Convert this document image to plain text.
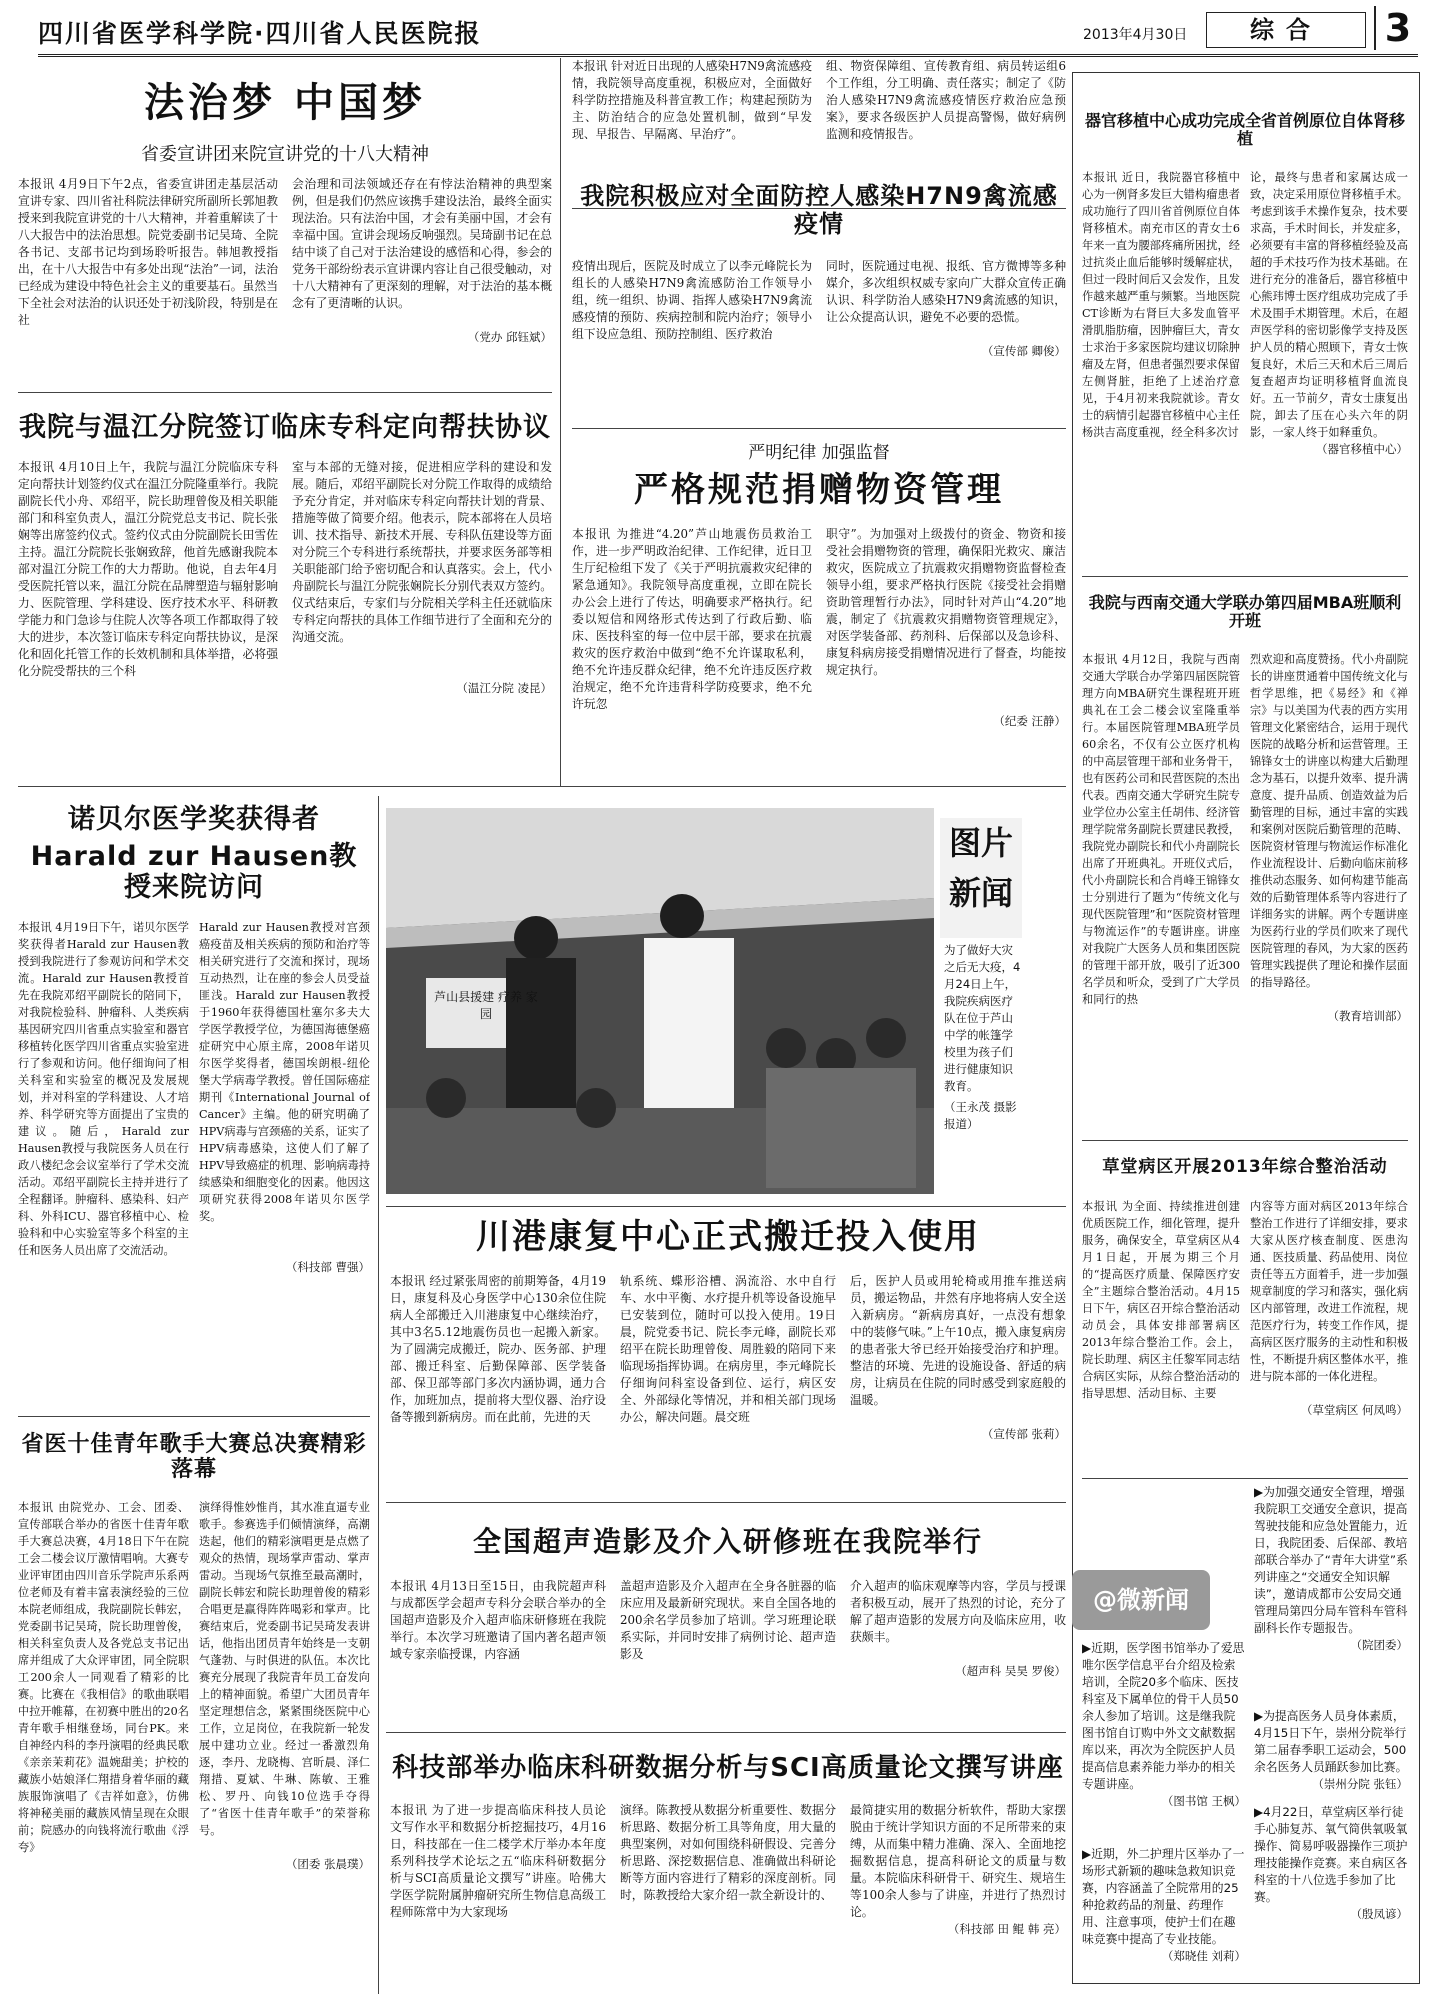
四川省医学科学院·四川省人民医院报	2013年4月30日	综合	3
法治梦 中国梦
省委宣讲团来院宣讲党的十八大精神
本报讯 4月9日下午2点，省委宣讲团走基层活动宣讲专家、四川省社科院法律研究所副所长郭旭教授来到我院宣讲党的十八大精神，并着重解读了十八大报告中的法治思想。院党委副书记吴琦、全院各书记、支部书记均到场聆听报告。韩旭教授指出，在十八大报告中有多处出现“法治”一词，法治已经成为建设中特色社会主义的重要基石。虽然当下全社会对法治的认识还处于初浅阶段，特别是在社
会治理和司法领域还存在有悖法治精神的典型案例，但是我们仍然应该携手建设法治，最终全面实现法治。只有法治中国，才会有美丽中国，才会有幸福中国。宣讲会现场反响强烈。吴琦副书记在总结中谈了自己对于法治建设的感悟和心得，参会的党务干部纷纷表示宣讲课内容让自己很受触动，对十八大精神有了更深刻的理解，对于法治的基本概念有了更清晰的认识。
（党办 邱钰斌）
我院与温江分院签订临床专科定向帮扶协议
本报讯 4月10日上午，我院与温江分院临床专科定向帮扶计划签约仪式在温江分院隆重举行。我院副院长代小舟、邓绍平，院长助理曾俊及相关职能部门和科室负责人，温江分院党总支书记、院长张娴等出席签约仪式。签约仪式由分院副院长田雪佐主持。温江分院院长张娴致辞，他首先感谢我院本部对温江分院工作的大力帮助。他说，自去年4月受医院托管以来，温江分院在品牌塑造与辐射影响力、医院管理、学科建设、医疗技术水平、科研教学能力和门急诊与住院人次等各项工作都取得了较大的进步，本次签订临床专科定向帮扶协议，是深化和固化托管工作的长效机制和具体举措，必将强化分院受帮扶的三个科
室与本部的无缝对接，促进相应学科的建设和发展。随后，邓绍平副院长对分院工作取得的成绩给予充分肯定，并对临床专科定向帮扶计划的背景、措施等做了简要介绍。他表示，院本部将在人员培训、技术指导、新技术开展、专科队伍建设等方面对分院三个专科进行系统帮扶，并要求医务部等相关职能部门给予密切配合和认真落实。会上，代小舟副院长与温江分院张娴院长分别代表双方签约。仪式结束后，专家们与分院相关学科主任还就临床专科定向帮扶的具体工作细节进行了全面和充分的沟通交流。
（温江分院 凌昆）
诺贝尔医学奖获得者
Harald zur Hausen教授来院访问
本报讯 4月19日下午，诺贝尔医学奖获得者Harald zur Hausen教授到我院进行了参观访问和学术交流。Harald zur Hausen教授首先在我院邓绍平副院长的陪同下，对我院检验科、肿瘤科、人类疾病基因研究四川省重点实验室和器官移植转化医学四川省重点实验室进行了参观和访问。他仔细询问了相关科室和实验室的概况及发展规划，并对科室的学科建设、人才培养、科学研究等方面提出了宝贵的建议。随后，Harald zur Hausen教授与我院医务人员在行政八楼纪念会议室举行了学术交流活动。邓绍平副院长主持并进行了全程翻译。肿瘤科、感染科、妇产科、外科ICU、器官移植中心、检验科和中心实验室等多个科室的主任和医务人员出席了交流活动。
Harald zur Hausen教授对宫颈癌疫苗及相关疾病的预防和治疗等相关研究进行了交流和探讨，现场互动热烈，让在座的参会人员受益匪浅。Harald zur Hausen教授于1960年获得德国杜塞尔多夫大学医学教授学位，为德国海德堡癌症研究中心原主席，2008年诺贝尔医学奖得者，德国埃朗根-纽伦堡大学病毒学教授。曾任国际癌症期刊《International Journal of Cancer》主编。他的研究明确了HPV病毒与宫颈癌的关系，证实了HPV病毒感染，这使人们了解了HPV导致癌症的机理、影响病毒持续感染和细胞变化的因素。他因这项研究获得2008年诺贝尔医学奖。
（科技部 曹强）
省医十佳青年歌手大赛总决赛精彩落幕
本报讯 由院党办、工会、团委、宣传部联合举办的省医十佳青年歌手大赛总决赛，4月18日下午在院工会二楼会议厅激情唱响。大赛专业评审团由四川音乐学院声乐系两位老师及有着丰富表演经验的三位本院老师组成，我院副院长韩宏，党委副书记吴琦，院长助理曾俊，相关科室负责人及各党总支书记出席并组成了大众评审团，同全院职工200余人一同观看了精彩的比赛。比赛在《我相信》的歌曲联唱中拉开帷幕，在初赛中胜出的20名青年歌手相继登场，同台PK。来自神经内科的李丹演唱的经典民歌《亲亲茉莉花》温婉甜美；护校的藏族小姑娘泽仁翔措身着华丽的藏族服饰演唱了《吉祥如意》，仿佛将神秘美丽的藏族风情呈现在众眼前；院感办的向钱将流行歌曲《浮夸》
演绎得惟妙惟肖，其水准直逼专业歌手。参赛选手们倾情演绎，高潮迭起，他们的精彩演唱更是点燃了观众的热情，现场掌声雷动、掌声雷动。当现场气氛推至最高潮时，副院长韩宏和院长助理曾俊的精彩合唱更是赢得阵阵喝彩和掌声。比赛结束后，党委副书记吴琦发表讲话，他指出团员青年始终是一支朝气蓬勃、与时俱进的队伍。本次比赛充分展现了我院青年员工奋发向上的精神面貌。希望广大团员青年坚定理想信念，紧紧围绕医院中心工作，立足岗位，在我院新一轮发展中建功立业。经过一番激烈角逐，李丹、龙晓梅、宫昕晨、泽仁翔措、夏斌、牛琳、陈敏、王雅松、罗丹、向钱10位选手夺得了“省医十佳青年歌手”的荣誉称号。
（团委 张晨璞）
本报讯 针对近日出现的人感染H7N9禽流感疫情，我院领导高度重视，积极应对，全面做好科学防控措施及科普宣教工作；构建起预防为主、防治结合的应急处置机制，做到“早发现、早报告、早隔离、早治疗”。
组、物资保障组、宣传教育组、病员转运组6个工作组，分工明确、责任落实；制定了《防治人感染H7N9禽流感疫情医疗救治应急预案》，要求各级医护人员提高警惕，做好病例监测和疫情报告。
我院积极应对全面防控人感染H7N9禽流感疫情
疫情出现后，医院及时成立了以李元峰院长为组长的人感染H7N9禽流感防治工作领导小组，统一组织、协调、指挥人感染H7N9禽流感疫情的预防、疾病控制和院内治疗；领导小组下设应急组、预防控制组、医疗救治
同时，医院通过电视、报纸、官方微博等多种媒介，多次组织权威专家向广大群众宣传正确认识、科学防治人感染H7N9禽流感的知识，让公众提高认识，避免不必要的恐慌。
（宣传部 卿俊）
严明纪律 加强监督
严格规范捐赠物资管理
本报讯 为推进“4.20”芦山地震伤员救治工作，进一步严明政治纪律、工作纪律，近日卫生厅纪检组下发了《关于严明抗震救灾纪律的紧急通知》。我院领导高度重视，立即在院长办公会上进行了传达，明确要求严格执行。纪委以短信和网络形式传达到了行政后勤、临床、医技科室的每一位中层干部，要求在抗震救灾的医疗救治中做到“绝不允许谋取私利，绝不允许违反群众纪律，绝不允许违反医疗救治规定，绝不允许违背科学防疫要求，绝不允许玩忽
职守”。为加强对上级拨付的资金、物资和接受社会捐赠物资的管理，确保阳光救灾、廉洁救灾，医院成立了抗震救灾捐赠物资监督检查领导小组，要求严格执行医院《接受社会捐赠资助管理暂行办法》，同时针对芦山“4.20”地震，制定了《抗震救灾捐赠物资管理规定》，对医学装备部、药剂科、后保部以及急诊科、康复科病房接受捐赠情况进行了督查，均能按规定执行。
（纪委 汪静）
芦山县援建 疗养 家园
图片新闻
为了做好大灾之后无大疫，4月24日上午，我院疾病医疗队在位于芦山中学的帐篷学校里为孩子们进行健康知识教育。
（王永茂 摄影报道）
川港康复中心正式搬迁投入使用
本报讯 经过紧张周密的前期筹备，4月19日，康复科及心身医学中心130余位住院病人全部搬迁入川港康复中心继续治疗，其中3名5.12地震伤员也一起搬入新家。为了圆满完成搬迁，院办、医务部、护理部、搬迁科室、后勤保障部、医学装备部、保卫部等部门多次内涵协调，通力合作，加班加点，提前将大型仪器、治疗设备等搬到新病房。而在此前，先进的天
轨系统、蝶形浴槽、涡流浴、水中自行车、水中平衡、水疗提升机等设备设施早已安装到位，随时可以投入使用。19日晨，院党委书记、院长李元峰，副院长邓绍平在院长助理曾俊、周胜毅的陪同下来临现场指挥协调。在病房里，李元峰院长仔细询问科室设备到位、运行，病区安全、外部绿化等情况，并和相关部门现场办公，解决问题。晨交班
后，医护人员或用轮椅或用推车推送病员，搬运物品，井然有序地将病人安全送入新病房。“新病房真好，一点没有想象中的装修气味。”上午10点，搬入康复病房的患者张大爷已经开始接受治疗和护理。整洁的环境、先进的设施设备、舒适的病房，让病员在住院的同时感受到家庭般的温暖。
（宣传部 张莉）
全国超声造影及介入研修班在我院举行
本报讯 4月13日至15日，由我院超声科与成都医学会超声专科分会联合举办的全国超声造影及介入超声临床研修班在我院举行。本次学习班邀请了国内著名超声领域专家亲临授课，内容涵
盖超声造影及介入超声在全身各脏器的临床应用及最新研究现状。来自全国各地的200余名学员参加了培训。学习班理论联系实际，并同时安排了病例讨论、超声造影及
介入超声的临床观摩等内容，学员与授课者积极互动，展开了热烈的讨论，充分了解了超声造影的发展方向及临床应用，收获颇丰。
（超声科 吴昊 罗俊）
科技部举办临床科研数据分析与SCI高质量论文撰写讲座
本报讯 为了进一步提高临床科技人员论文写作水平和数据分析挖掘技巧，4月16日，科技部在一住二楼学术厅举办本年度系列科技学术论坛之五“临床科研数据分析与SCI高质量论文撰写”讲座。哈佛大学医学院附属肿瘤研究所生物信息高级工程师陈常中为大家现场
演绎。陈教授从数据分析重要性、数据分析思路、数据分析工具等角度，用大量的典型案例，对如何围绕科研假设、完善分析思路、深挖数据信息、准确做出科研论断等方面内容进行了精彩的深度剖析。同时，陈教授给大家介绍一款全新设计的、
最简捷实用的数据分析软件，帮助大家摆脱由于统计学知识方面的不足所带来的束缚，从而集中精力准确、深入、全面地挖掘数据信息，提高科研论文的质量与数量。本院临床科研骨干、研究生、规培生等100余人参与了讲座，并进行了热烈讨论。
（科技部 田 鲲 韩 亮）
器官移植中心成功完成全省首例原位自体肾移植
本报讯 近日，我院器官移植中心为一例肾多发巨大错构瘤患者成功施行了四川省首例原位自体肾移植术。南充市区的青女士6年来一直为腰部疼痛所困扰，经过抗炎止血后能够时缓解症状，但过一段时间后又会发作，且发作越来越严重与频繁。当地医院CT诊断为右肾巨大多发血管平滑肌脂肪瘤，因肿瘤巨大，青女士求治于多家医院均建议切除肿瘤及左肾，但患者强烈要求保留左侧肾脏，拒绝了上述治疗意见，于4月初来我院就诊。青女士的病情引起器官移植中心主任杨洪吉高度重视，经全科多次讨
论，最终与患者和家属达成一致，决定采用原位肾移植手术。考虑到该手术操作复杂，技术要求高，手术时间长，并发症多，必须要有丰富的肾移植经验及高超的手术技巧作为技术基础。在进行充分的准备后，器官移植中心熊玮博士医疗组成功完成了手术及围手术期管理。术后，在超声医学科的密切影像学支持及医护人员的精心照顾下，青女士恢复良好，术后三天和术后三周后复查超声均证明移植肾血流良好。五一节前夕，青女士康复出院，卸去了压在心头六年的阴影，一家人终于如释重负。
（器官移植中心）
我院与西南交通大学联办第四届MBA班顺利开班
本报讯 4月12日，我院与西南交通大学联合办学第四届医院管理方向MBA研究生课程班开班典礼在工会二楼会议室隆重举行。本届医院管理MBA班学员60余名，不仅有公立医疗机构的中高层管理干部和业务骨干，也有医药公司和民营医院的杰出代表。西南交通大学研究生院专业学位办公室主任胡伟、经济管理学院常务副院长贾建民教授，我院党办副院长和代小舟副院长出席了开班典礼。开班仪式后，代小舟副院长和合肖峰王锦锋女士分别进行了题为“传统文化与现代医院管理”和“医院资材管理与物流运作”的专题讲座。讲座对我院广大医务人员和集团医院的管理干部开放，吸引了近300名学员和听众，受到了广大学员和同行的热
烈欢迎和高度赞扬。代小舟副院长的讲座贯通着中国传统文化与哲学思维，把《易经》和《禅宗》与以美国为代表的西方实用管理文化紧密结合，运用于现代医院的战略分析和运营管理。王锦锋女士的讲座以构建大后勤理念为基石，以提升效率、提升满意度、提升品质、创造效益为后勤管理的目标，通过丰富的实践和案例对医院后勤管理的范畴、医院资材管理与物流运作标准化作业流程设计、后勤向临床前移推供动态服务、如何构建节能高效的后勤管理体系等内容进行了详细务实的讲解。两个专题讲座为医药行业的学员们吹来了现代医院管理的春风，为大家的医药管理实践提供了理论和操作层面的指导路径。
（教育培训部）
草堂病区开展2013年综合整治活动
本报讯 为全面、持续推进创建优质医院工作，细化管理，提升服务，确保安全，草堂病区从4月1日起，开展为期三个月的“提高医疗质量、保障医疗安全”主题综合整治活动。4月15日下午，病区召开综合整治活动动员会，具体安排部署病区2013年综合整治工作。会上，院长助理、病区主任黎军同志结合病区实际，从综合整治活动的指导思想、活动目标、主要
内容等方面对病区2013年综合整治工作进行了详细安排，要求大家从医疗核查制度、医患沟通、医技质量、药品使用、岗位责任等五方面着手，进一步加强规章制度的学习和落实，强化病区内部管理，改进工作流程，规范医疗行为，转变工作作风，提高病区医疗服务的主动性和积极性，不断提升病区整体水平，推进与院本部的一体化进程。
（草堂病区 何凤鸣）
@微新闻

▶为加强交通安全管理，增强我院职工交通安全意识，提高驾驶技能和应急处置能力，近日，我院团委、后保部、教培部联合举办了“青年大讲堂”系列讲座之“交通安全知识解读”，邀请成都市公安局交通管理局第四分局车管科车管科副科长作专题报告。

（院团委）

▶近期，医学图书馆举办了爱思唯尔医学信息平台介绍及检索培训，全院20多个临床、医技科室及下属单位的骨干人员50余人参加了培训。这是继我院图书馆自订购中外文文献数据库以来，再次为全院医护人员提高信息素养能力举办的相关专题讲座。

（图书馆 王枫）

▶为提高医务人员身体素质，4月15日下午，崇州分院举行第二届春季职工运动会，500余名医务人员踊跃参加比赛。

（崇州分院 张钰）

▶近期，外二护理片区举办了一场形式新颖的趣味急救知识竞赛，内容涵盖了全院常用的25种抢救药品的剂量、药理作用、注意事项，使护士们在趣味竞赛中提高了专业技能。

（郑晓佳 刘莉）

▶4月22日，草堂病区举行徒手心肺复苏、氧气简供氧吸氧操作、简易呼吸器操作三项护理技能操作竞赛。来自病区各科室的十八位选手参加了比赛。

（殷凤谚）
